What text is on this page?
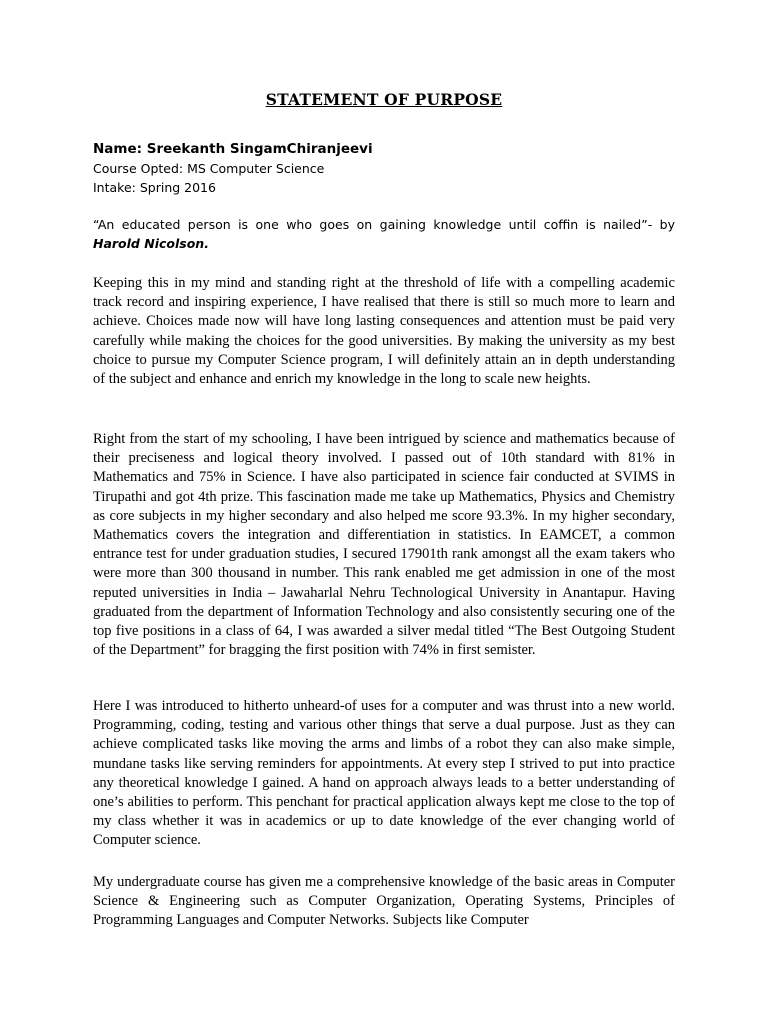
STATEMENT OF PURPOSE

Name: Sreekanth SingamChiranjeevi

Course Opted: MS Computer Science

Intake: Spring 2016

“An educated person is one who goes on gaining knowledge until coffin is nailed”- by Harold Nicolson.

Keeping this in my mind and standing right at the threshold of life with a compelling academic track record and inspiring experience, I have realised that there is still so much more to learn and achieve. Choices made now will have long lasting consequences and attention must be paid very carefully while making the choices for the good universities. By making the university as my best choice to pursue my Computer Science program, I will definitely attain an in depth understanding of the subject and enhance and enrich my knowledge in the long to scale new heights.

Right from the start of my schooling, I have been intrigued by science and mathematics because of their preciseness and logical theory involved. I passed out of 10th standard with 81% in Mathematics and 75% in Science. I have also participated in science fair conducted at SVIMS in Tirupathi and got 4th prize. This fascination made me take up Mathematics, Physics and Chemistry as core subjects in my higher secondary and also helped me score 93.3%. In my higher secondary, Mathematics covers the integration and differentiation in statistics. In EAMCET, a common entrance test for under graduation studies, I secured 17901th rank amongst all the exam takers who were more than 300 thousand in number. This rank enabled me get admission in one of the most reputed universities in India – Jawaharlal Nehru Technological University in Anantapur. Having graduated from the department of Information Technology and also consistently securing one of the top five positions in a class of 64, I was awarded a silver medal titled “The Best Outgoing Student of the Department” for bragging the first position with 74% in first semister.

Here I was introduced to hitherto unheard-of uses for a computer and was thrust into a new world. Programming, coding, testing and various other things that serve a dual purpose. Just as they can achieve complicated tasks like moving the arms and limbs of a robot they can also make simple, mundane tasks like serving reminders for appointments. At every step I strived to put into practice any theoretical knowledge I gained. A hand on approach always leads to a better understanding of one’s abilities to perform. This penchant for practical application always kept me close to the top of my class whether it was in academics or up to date knowledge of the ever changing world of Computer science.

My undergraduate course has given me a comprehensive knowledge of the basic areas in Computer Science & Engineering such as Computer Organization, Operating Systems, Principles of Programming Languages and Computer Networks. Subjects like Computer
